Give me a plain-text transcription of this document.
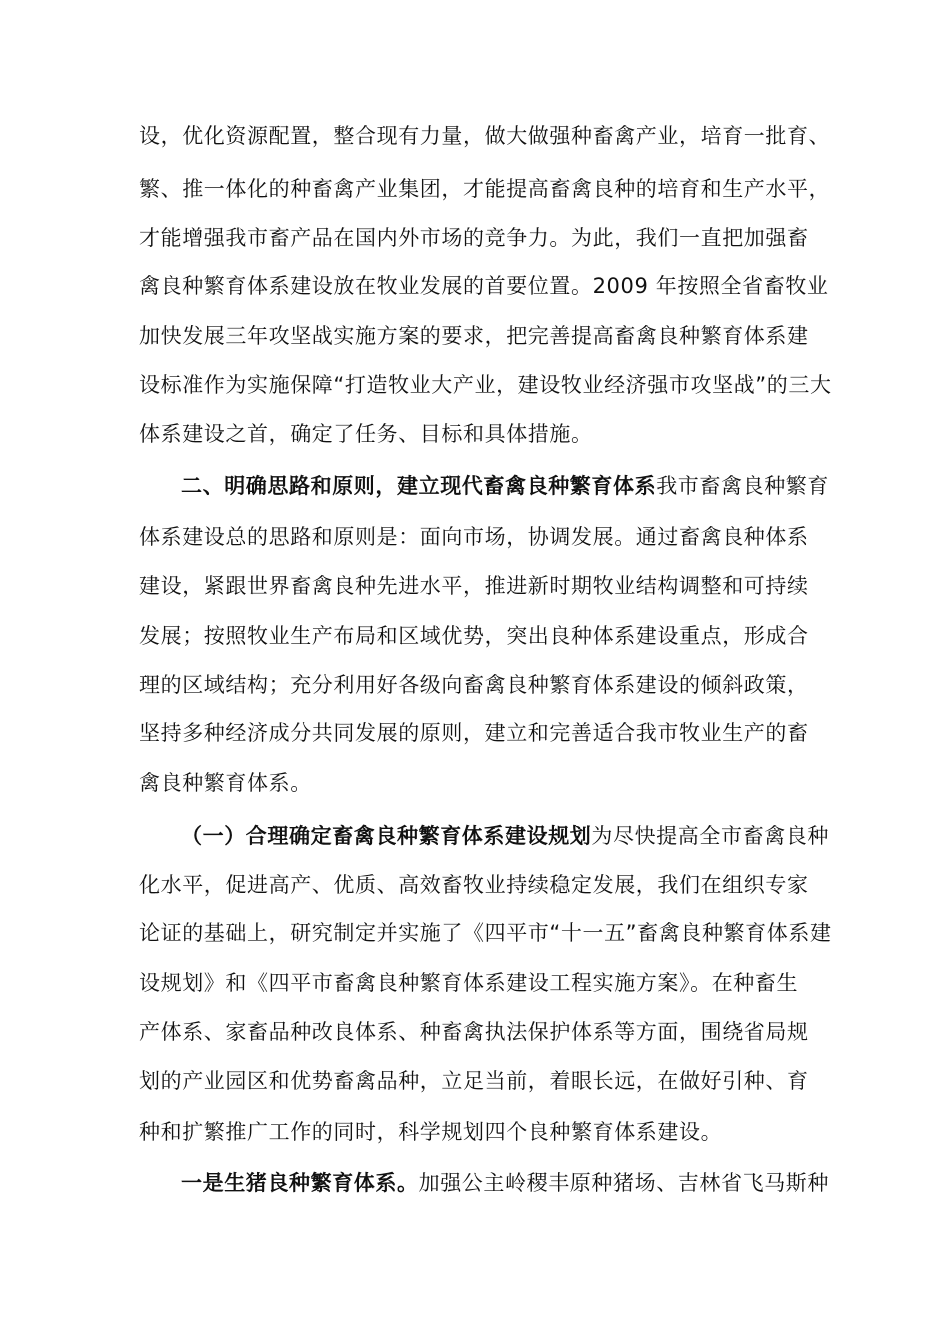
设，优化资源配置，整合现有力量，做大做强种畜禽产业，培育一批育、
繁、推一体化的种畜禽产业集团，才能提高畜禽良种的培育和生产水平，
才能增强我市畜产品在国内外市场的竞争力。为此，我们一直把加强畜
禽良种繁育体系建设放在牧业发展的首要位置。2009 年按照全省畜牧业
加快发展三年攻坚战实施方案的要求，把完善提高畜禽良种繁育体系建
设标准作为实施保障“打造牧业大产业，建设牧业经济强市攻坚战”的三大
体系建设之首，确定了任务、目标和具体措施。
二、明确思路和原则，建立现代畜禽良种繁育体系我市畜禽良种繁育
体系建设总的思路和原则是：面向市场，协调发展。通过畜禽良种体系
建设，紧跟世界畜禽良种先进水平，推进新时期牧业结构调整和可持续
发展；按照牧业生产布局和区域优势，突出良种体系建设重点，形成合
理的区域结构；充分利用好各级向畜禽良种繁育体系建设的倾斜政策，
坚持多种经济成分共同发展的原则，建立和完善适合我市牧业生产的畜
禽良种繁育体系。
（一）合理确定畜禽良种繁育体系建设规划为尽快提高全市畜禽良种
化水平，促进高产、优质、高效畜牧业持续稳定发展，我们在组织专家
论证的基础上，研究制定并实施了《四平市“十一五”畜禽良种繁育体系建
设规划》和《四平市畜禽良种繁育体系建设工程实施方案》。在种畜生
产体系、家畜品种改良体系、种畜禽执法保护体系等方面，围绕省局规
划的产业园区和优势畜禽品种，立足当前，着眼长远，在做好引种、育
种和扩繁推广工作的同时，科学规划四个良种繁育体系建设。
一是生猪良种繁育体系。加强公主岭稷丰原种猪场、吉林省飞马斯种
